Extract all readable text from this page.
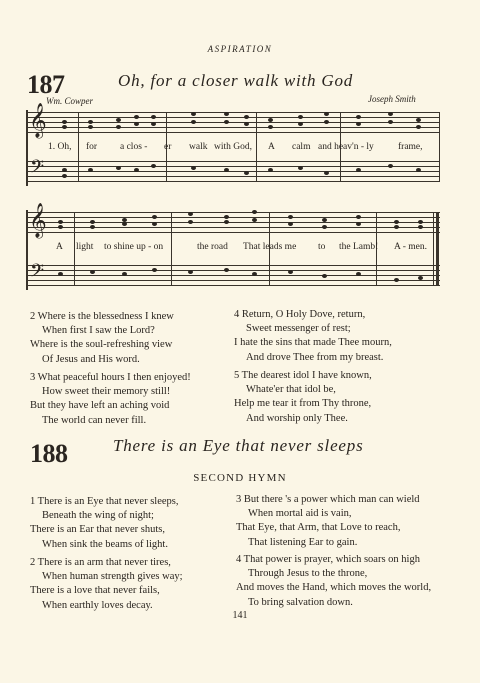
ASPIRATION
187	Oh, for a closer walk with God
Wm. Cowper	Joseph Smith
𝄞
𝄢
1. Oh, for a clos - er walk with God, A calm and heav'n - ly	frame,
𝄞
𝄢
A light to shine up - on	the road That leads me to the Lamb! A - men.
2 Where is the blessedness I knew
When first I saw the Lord?
Where is the soul-refreshing view
Of Jesus and His word.
3 What peaceful hours I then enjoyed!
How sweet their memory still!
But they have left an aching void
The world can never fill.
4 Return, O Holy Dove, return,
Sweet messenger of rest;
I hate the sins that made Thee mourn,
And drove Thee from my breast.
5 The dearest idol I have known,
Whate'er that idol be,
Help me tear it from Thy throne,
And worship only Thee.
188	There is an Eye that never sleeps
SECOND HYMN
1 There is an Eye that never sleeps,
Beneath the wing of night;
There is an Ear that never shuts,
When sink the beams of light.
2 There is an arm that never tires,
When human strength gives way;
There is a love that never fails,
When earthly loves decay.
3 But there 's a power which man can wield
When mortal aid is vain,
That Eye, that Arm, that Love to reach,
That listening Ear to gain.
4 That power is prayer, which soars on high
Through Jesus to the throne,
And moves the Hand, which moves the world,
To bring salvation down.
141
